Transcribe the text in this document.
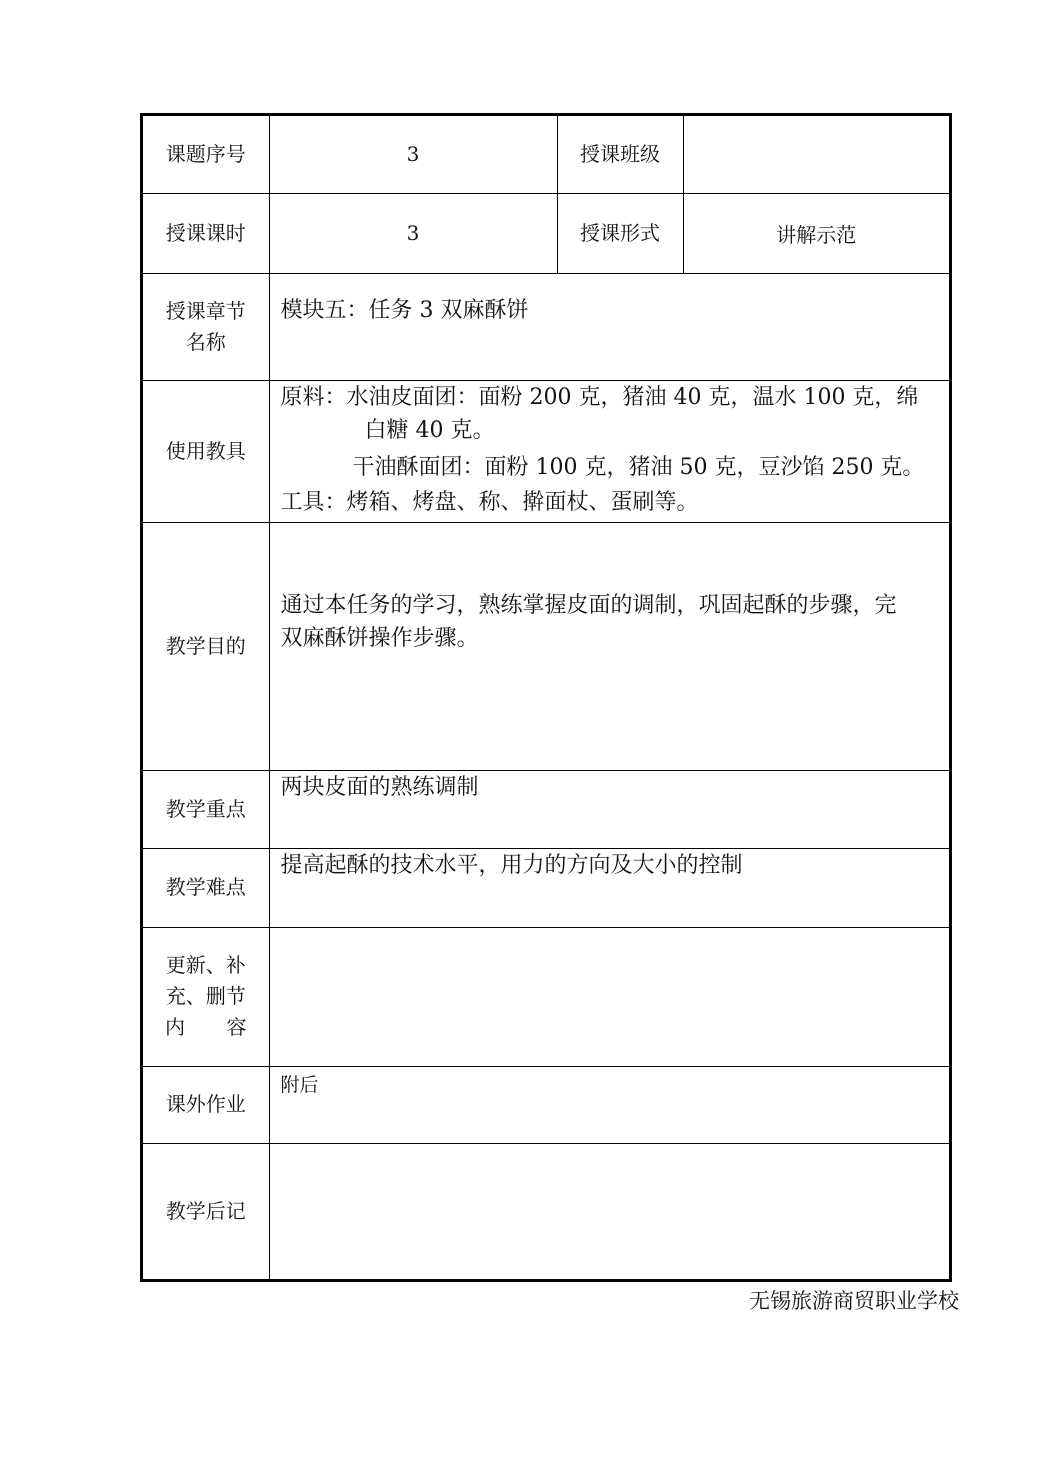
课题序号	3	授课班级	
授课课时	3	授课形式	讲解示范

授课章节
名称	模块五：任务 3 双麻酥饼		

使用教具	原料：水油皮面团：面粉 200 克，猪油 40 克，温水 100 克，绵
白糖 40 克。
干油酥面团：面粉 100 克，猪油 50 克，豆沙馅 250 克。
工具：烤箱、烤盘、称、擀面杖、蛋刷等。		

教学目的	通过本任务的学习，熟练掌握皮面的调制，巩固起酥的步骤，完
双麻酥饼操作步骤。		

教学重点	两块皮面的熟练调制		

教学难点	提高起酥的技术水平，用力的方向及大小的控制		

更新、补
充、删节
内 容			

课外作业	附后		

教学后记			
无锡旅游商贸职业学校
